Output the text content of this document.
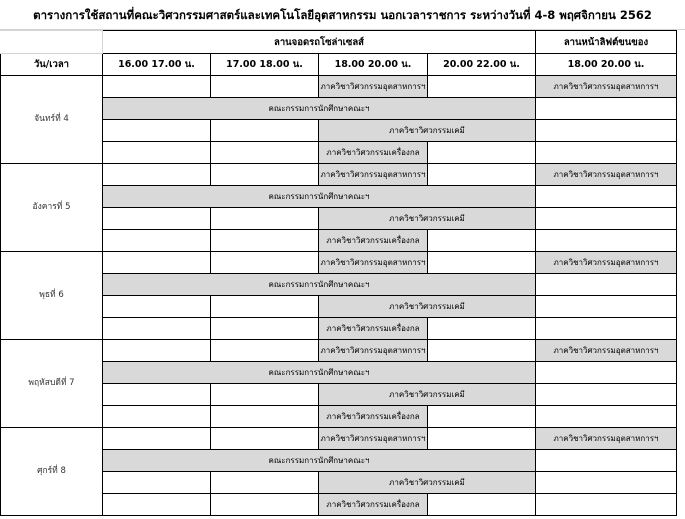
ตารางการใช้สถานที่คณะวิศวกรรมศาสตร์และเทคโนโลยีอุตสาหกรรม นอกเวลาราชการ ระหว่างวันที่ 4-8 พฤศจิกายน 2562
	ลานจอดรถโซล่าเซลส์				ลานหน้าลิฟต์ขนของ
วัน/เวลา	16.00 17.00 น.	17.00 18.00 น.	18.00 20.00 น.	20.00 22.00 น.	18.00 20.00 น.
จันทร์ที่ 4			ภาควิชาวิศวกรรมอุตสาหการฯ		ภาควิชาวิศวกรรมอุตสาหการฯ
	คณะกรรมการนักศึกษาคณะฯ				
			ภาควิชาวิศวกรรมเคมี		
			ภาควิชาวิศวกรรมเครื่องกล		
อังคารที่ 5			ภาควิชาวิศวกรรมอุตสาหการฯ		ภาควิชาวิศวกรรมอุตสาหการฯ
	คณะกรรมการนักศึกษาคณะฯ				
			ภาควิชาวิศวกรรมเคมี		
			ภาควิชาวิศวกรรมเครื่องกล		
พุธที่ 6			ภาควิชาวิศวกรรมอุตสาหการฯ		ภาควิชาวิศวกรรมอุตสาหการฯ
	คณะกรรมการนักศึกษาคณะฯ				
			ภาควิชาวิศวกรรมเคมี		
			ภาควิชาวิศวกรรมเครื่องกล		
พฤหัสบดีที่ 7			ภาควิชาวิศวกรรมอุตสาหการฯ		ภาควิชาวิศวกรรมอุตสาหการฯ
	คณะกรรมการนักศึกษาคณะฯ				
			ภาควิชาวิศวกรรมเคมี		
			ภาควิชาวิศวกรรมเครื่องกล		
ศุกร์ที่ 8			ภาควิชาวิศวกรรมอุตสาหการฯ		ภาควิชาวิศวกรรมอุตสาหการฯ
	คณะกรรมการนักศึกษาคณะฯ				
			ภาควิชาวิศวกรรมเคมี		
			ภาควิชาวิศวกรรมเครื่องกล		
